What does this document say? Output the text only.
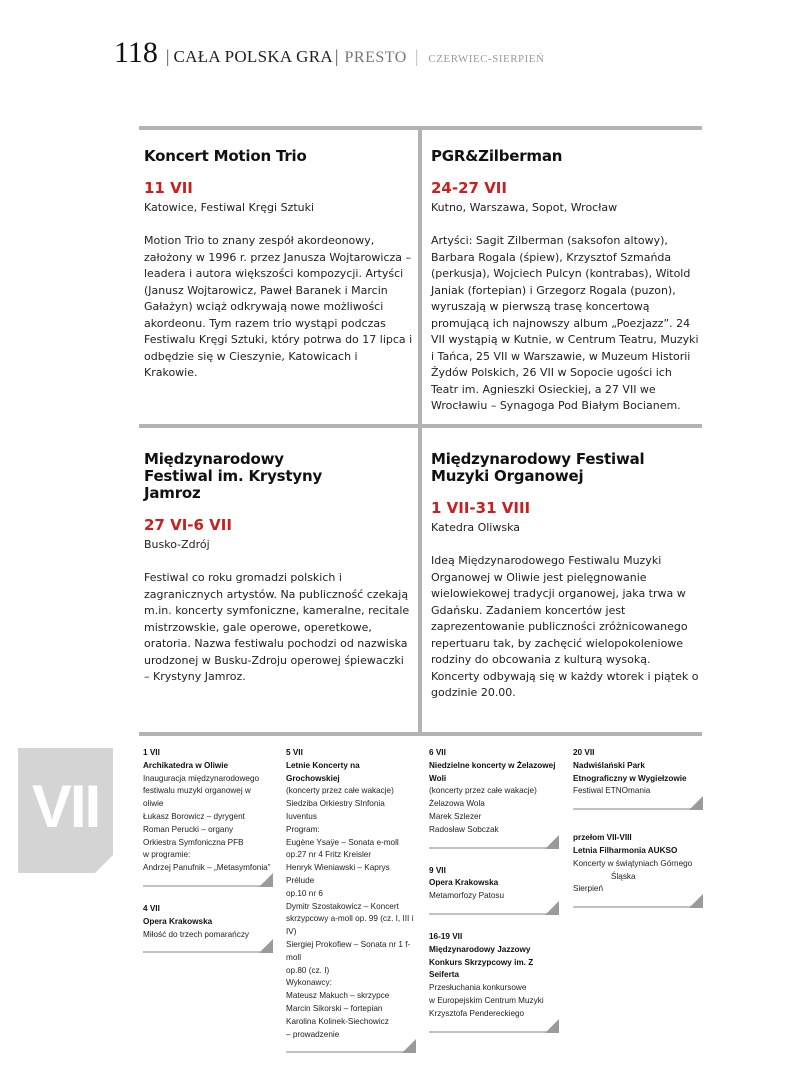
118 | CAŁA POLSKA GRA | PRESTO | CZERWIEC-SIERPIEŃ
Koncert Motion Trio
11 VII
Katowice, Festiwal Kręgi Sztuki
Motion Trio to znany zespół akordeonowy, założony w 1996 r. przez Janusza Wojtarowicza – leadera i autora większości kompozycji. Artyści (Janusz Wojtarowicz, Paweł Baranek i Marcin Gałażyn) wciąż odkrywają nowe możliwości akordeonu. Tym razem trio wystąpi podczas Festiwalu Kręgi Sztuki, który potrwa do 17 lipca i odbędzie się w Cieszynie, Katowicach i Krakowie.
PGR&Zilberman
24-27 VII
Kutno, Warszawa, Sopot, Wrocław
Artyści: Sagit Zilberman (saksofon altowy), Barbara Rogala (śpiew), Krzysztof Szmańda (perkusja), Wojciech Pulcyn (kontrabas), Witold Janiak (fortepian) i Grzegorz Rogala (puzon), wyruszają w pierwszą trasę koncertową promującą ich najnowszy album „Poezjazz”. 24 VII wystąpią w Kutnie, w Centrum Teatru, Muzyki i Tańca, 25 VII w Warszawie, w Muzeum Historii Żydów Polskich, 26 VII w Sopocie ugości ich Teatr im. Agnieszki Osieckiej, a 27 VII we Wrocławiu – Synagoga Pod Białym Bocianem.
Międzynarodowy Festiwal im. Krystyny Jamroz
27 VI-6 VII
Busko-Zdrój
Festiwal co roku gromadzi polskich i zagranicznych artystów. Na publiczność czekają m.in. koncerty symfoniczne, kameralne, recitale mistrzowskie, gale operowe, operetkowe, oratoria. Nazwa festiwalu pochodzi od nazwiska urodzonej w Busku-Zdroju operowej śpiewaczki – Krystyny Jamroz.
Międzynarodowy Festiwal Muzyki Organowej
1 VII-31 VIII
Katedra Oliwska
Ideą Międzynarodowego Festiwalu Muzyki Organowej w Oliwie jest pielęgnowanie wielowiekowej tradycji organowej, jaka trwa w Gdańsku. Zadaniem koncertów jest zaprezentowanie publiczności zróżnicowanego repertuaru tak, by zachęcić wielopokoleniowe rodziny do obcowania z kulturą wysoką. Koncerty odbywają się w każdy wtorek i piątek o godzinie 20.00.
VII
1 VII
Archikatedra w Oliwie
Inauguracja międzynarodowego
festiwalu muzyki organowej w oliwie
Łukasz Borowicz – dyrygent
Roman Perucki – organy
Orkiestra Symfoniczna PFB
w programie:
Andrzej Panufnik – „Metasymfonia”
4 VII
Opera Krakowska
Miłość do trzech pomarańczy
5 VII
Letnie Koncerty na Grochowskiej
(koncerty przez całe wakacje)
Siedziba Orkiestry SInfonia Iuventus
Program:
Eugène Ysaÿe – Sonata e-moll
op.27 nr 4 Fritz Kreisler
Henryk Wieniawski – Kaprys Prélude
op.10 nr 6
Dymitr Szostakowicz – Koncert
skrzypcowy a-moll op. 99 (cz. I, III i IV)
Siergiej Prokofiew – Sonata nr 1 f-moll
op.80 (cz. I)
Wykonawcy:
Mateusz Makuch – skrzypce
Marcin Sikorski – fortepian
Karolina Kolinek-Siechowicz
– prowadzenie
6 VII
Niedzielne koncerty w Żelazowej Woli
(koncerty przez całe wakacje)
Żelazowa Wola
Marek Szlezer
Radosław Sobczak
9 VII
Opera Krakowska
Metamorfozy Patosu
16-19 VII
Międzynarodowy Jazzowy Konkurs Skrzypcowy im. Z Seiferta
Przesłuchania konkursowe
w Europejskim Centrum Muzyki
Krzysztofa Pendereckiego
20 VII
Nadwiślański Park Etnograficzny w Wygiełzowie
Festiwal ETNOmania
przełom VII-VIII
Letnia Filharmonia AUKSO
Koncerty w świątyniach Górnego
Śląska
Sierpień
